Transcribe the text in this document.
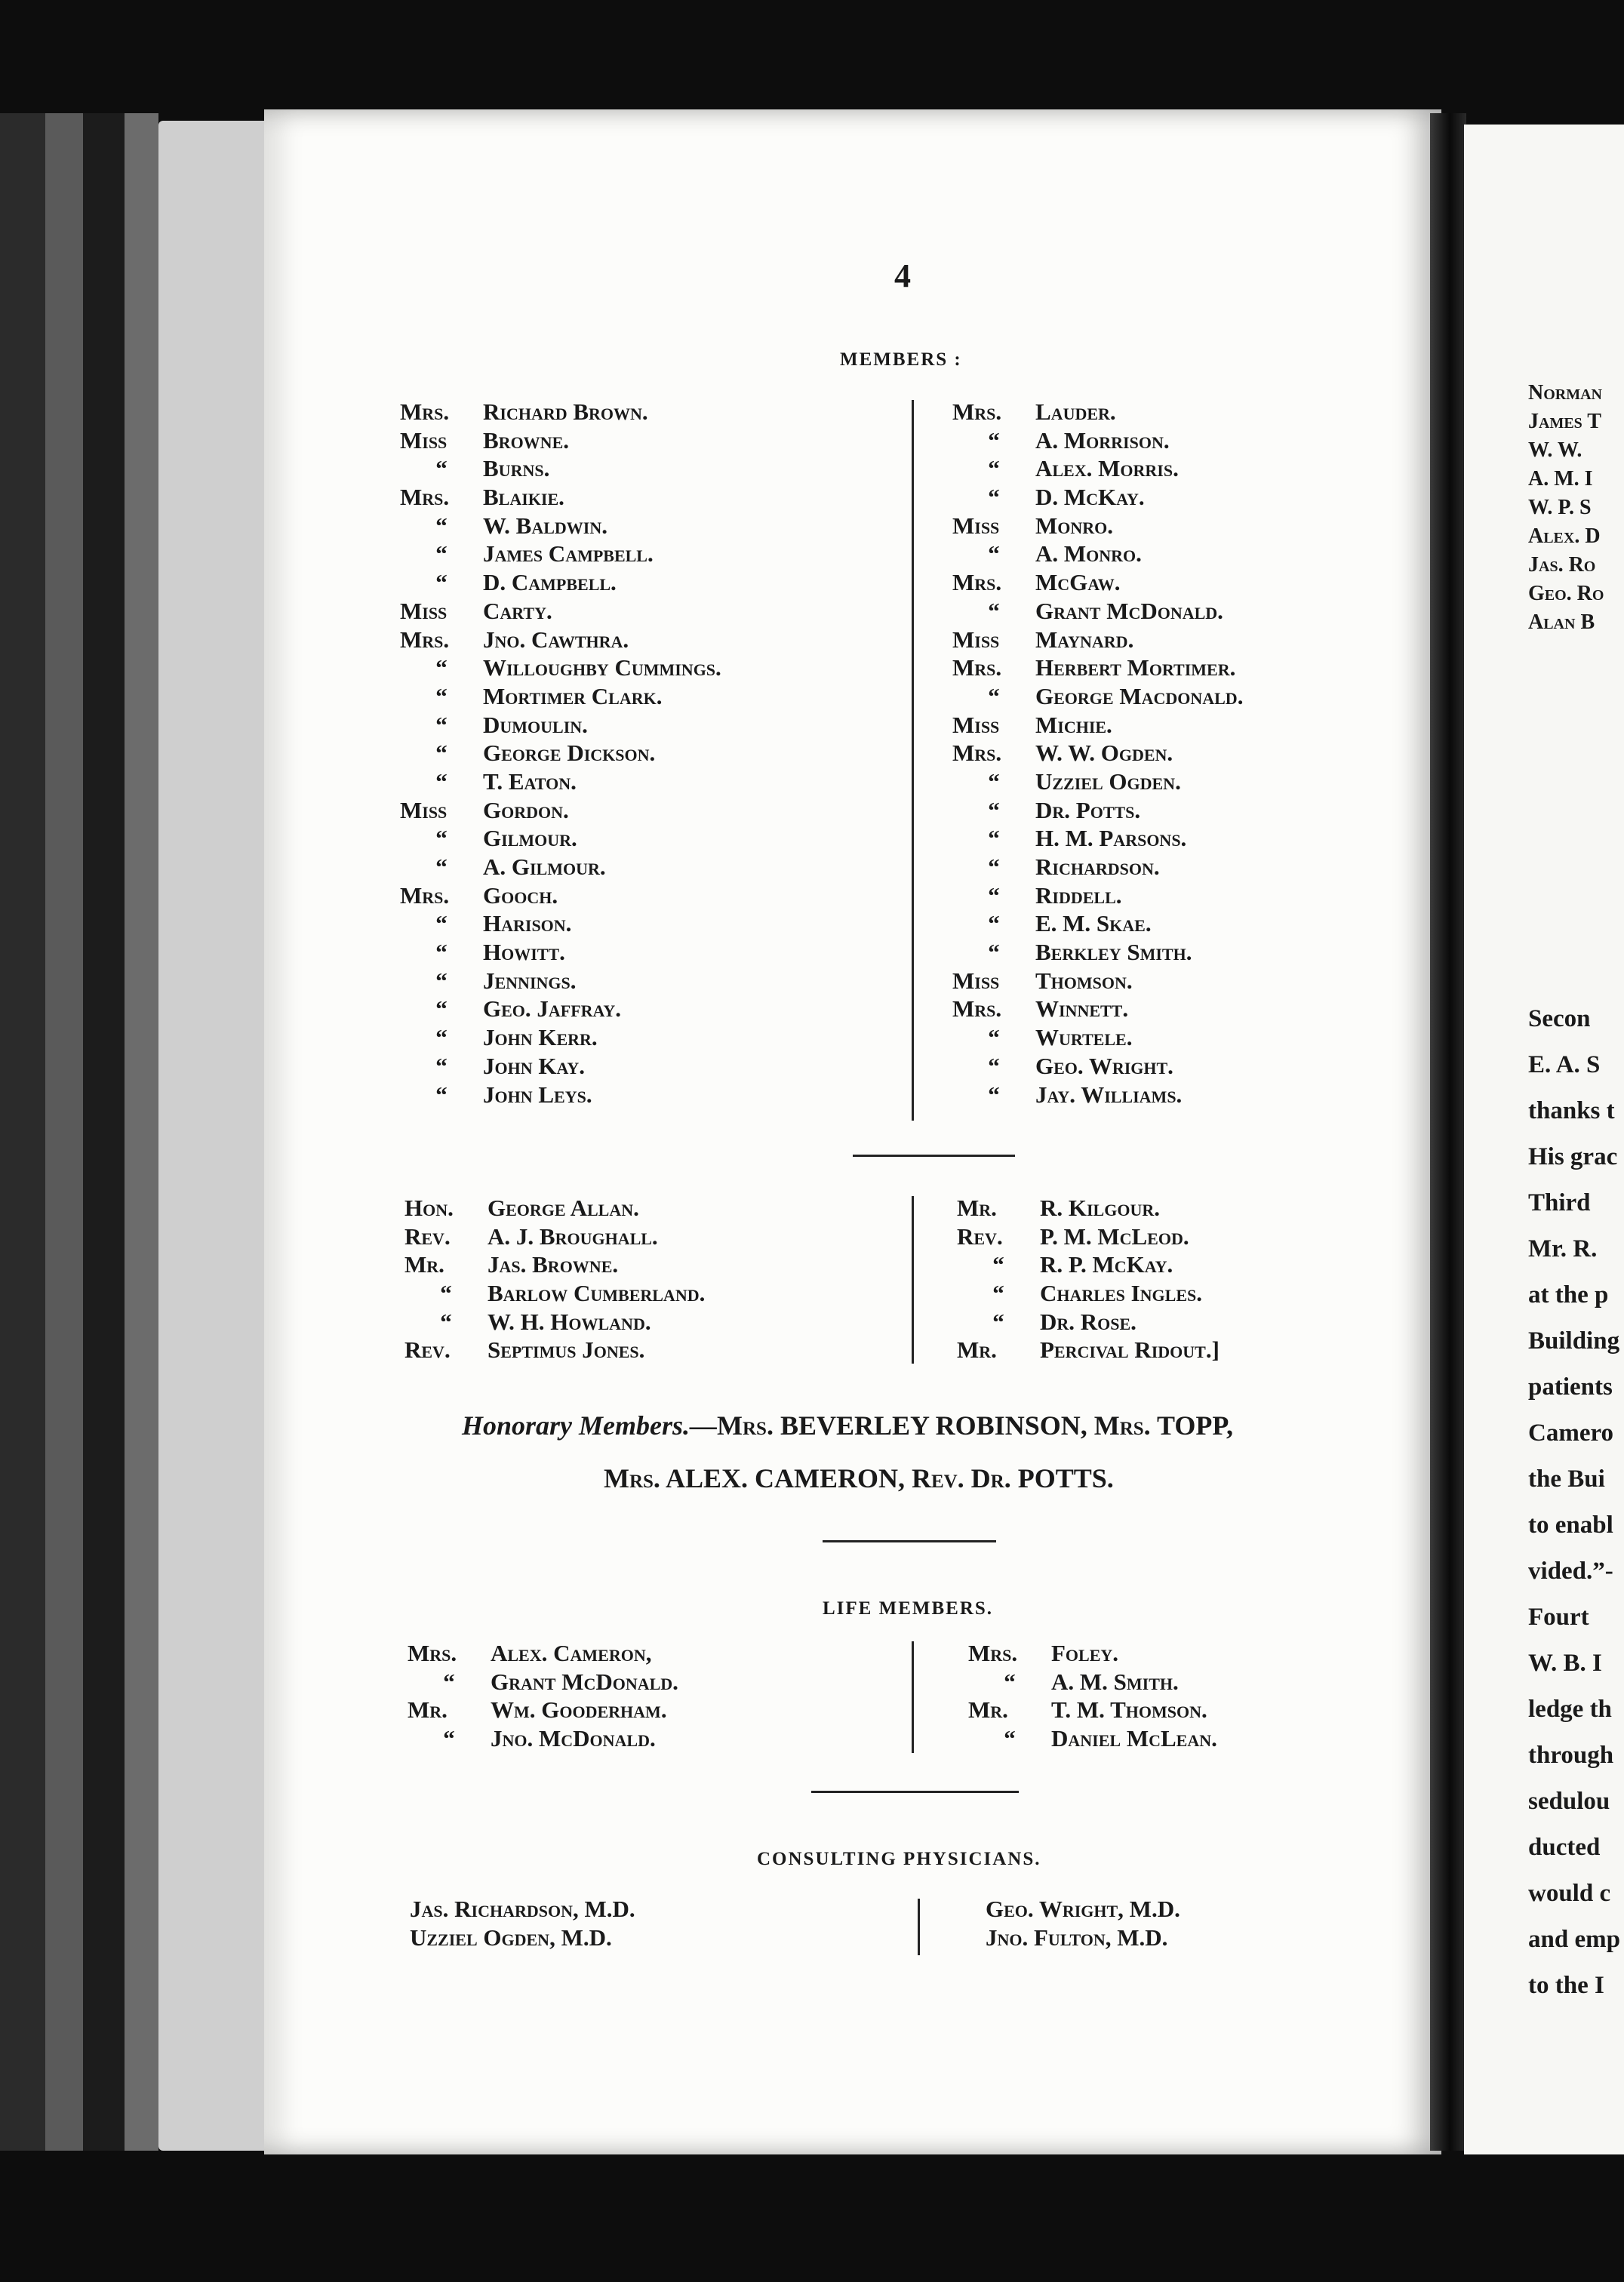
Norman
James T
W. W.
A. M. I
W. P. S
Alex. D
Jas. Ro
Geo. Ro
Alan B
Secon
E. A. S
thanks t
His grac
Third
Mr. R.
at the p
Building
patients
Camero
the Bui
to enabl
vided.”-
Fourt
W. B. I
ledge th
through
sedulou
ducted
would c
and emp
to the I
4
MEMBERS :
Mrs. Richard Brown.
Miss Browne.
“ Burns.
Mrs. Blaikie.
“ W. Baldwin.
“ James Campbell.
“ D. Campbell.
Miss Carty.
Mrs. Jno. Cawthra.
“ Willoughby Cummings.
“ Mortimer Clark.
“ Dumoulin.
“ George Dickson.
“ T. Eaton.
Miss Gordon.
“ Gilmour.
“ A. Gilmour.
Mrs. Gooch.
“ Harison.
“ Howitt.
“ Jennings.
“ Geo. Jaffray.
“ John Kerr.
“ John Kay.
“ John Leys.
Mrs. Lauder.
“ A. Morrison.
“ Alex. Morris.
“ D. McKay.
Miss Monro.
“ A. Monro.
Mrs. McGaw.
“ Grant McDonald.
Miss Maynard.
Mrs. Herbert Mortimer.
“ George Macdonald.
Miss Michie.
Mrs. W. W. Ogden.
“ Uzziel Ogden.
“ Dr. Potts.
“ H. M. Parsons.
“ Richardson.
“ Riddell.
“ E. M. Skae.
“ Berkley Smith.
Miss Thomson.
Mrs. Winnett.
“ Wurtele.
“ Geo. Wright.
“ Jay. Williams.
Hon. George Allan.
Rev. A. J. Broughall.
Mr. Jas. Browne.
“ Barlow Cumberland.
“ W. H. Howland.
Rev. Septimus Jones.
Mr. R. Kilgour.
Rev. P. M. McLeod.
“ R. P. McKay.
“ Charles Ingles.
“ Dr. Rose.
Mr. Percival Ridout.]
Honorary Members.—Mrs. BEVERLEY ROBINSON, Mrs. TOPP,
Mrs. ALEX. CAMERON, Rev. Dr. POTTS.
LIFE MEMBERS.
Mrs. Alex. Cameron,
“ Grant McDonald.
Mr. Wm. Gooderham.
“ Jno. McDonald.
Mrs. Foley.
“ A. M. Smith.
Mr. T. M. Thomson.
“ Daniel McLean.
CONSULTING PHYSICIANS.
Jas. Richardson, M.D.
Uzziel Ogden, M.D.
Geo. Wright, M.D.
Jno. Fulton, M.D.
